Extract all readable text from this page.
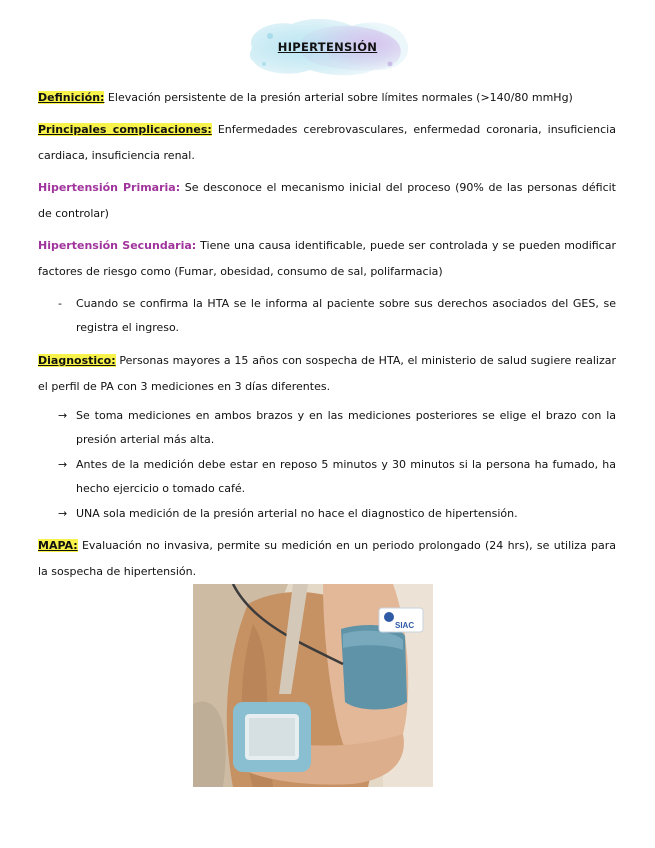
HIPERTENSIÓN
Definición: Elevación persistente de la presión arterial sobre límites normales (>140/80 mmHg)
Principales complicaciones: Enfermedades cerebrovasculares, enfermedad coronaria, insuficiencia cardiaca, insuficiencia renal.
Hipertensión Primaria: Se desconoce el mecanismo inicial del proceso (90% de las personas déficit de controlar)
Hipertensión Secundaria: Tiene una causa identificable, puede ser controlada y se pueden modificar factores de riesgo como (Fumar, obesidad, consumo de sal, polifarmacia)
- Cuando se confirma la HTA se le informa al paciente sobre sus derechos asociados del GES, se registra el ingreso.
Diagnostico: Personas mayores a 15 años con sospecha de HTA, el ministerio de salud sugiere realizar el perfil de PA con 3 mediciones en 3 días diferentes.
→ Se toma mediciones en ambos brazos y en las mediciones posteriores se elige el brazo con la presión arterial más alta.
→ Antes de la medición debe estar en reposo 5 minutos y 30 minutos si la persona ha fumado, ha hecho ejercicio o tomado café.
→ UNA sola medición de la presión arterial no hace el diagnostico de hipertensión.
MAPA: Evaluación no invasiva, permite su medición en un periodo prolongado (24 hrs), se utiliza para la sospecha de hipertensión.
SIAC
